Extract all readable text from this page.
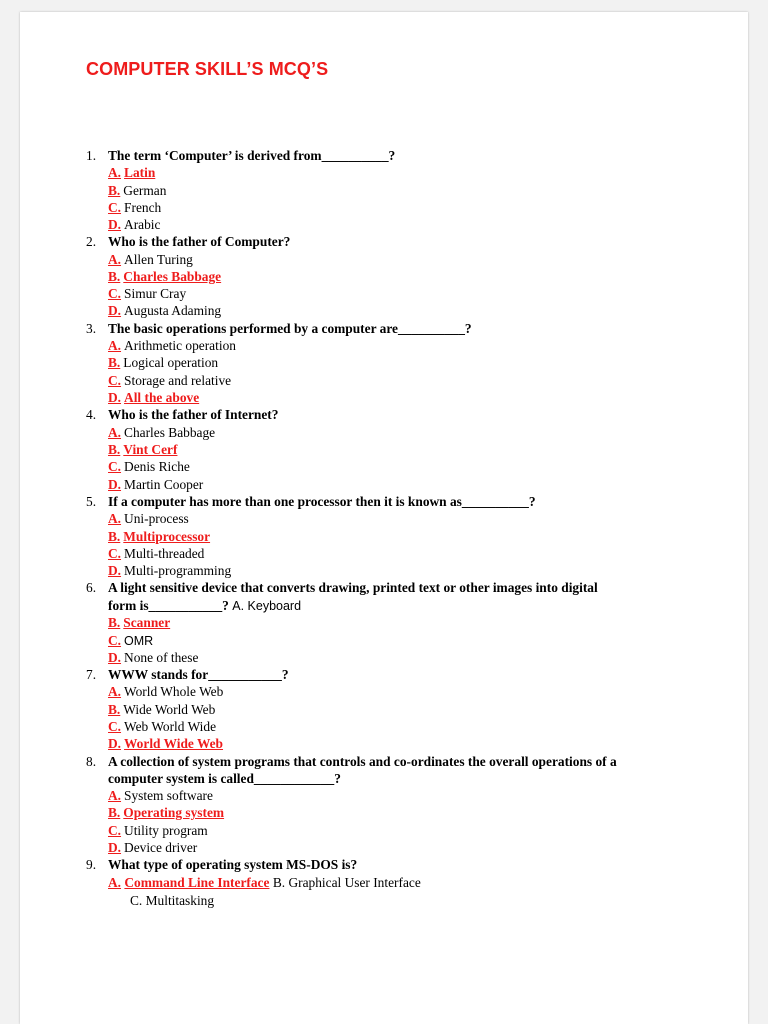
COMPUTER SKILL’S MCQ’S
1. The term ‘Computer’ is derived from__________?
A. Latin
B. German
C. French
D. Arabic
2. Who is the father of Computer?
A. Allen Turing
B. Charles Babbage
C. Simur Cray
D. Augusta Adaming
3. The basic operations performed by a computer are__________?
A. Arithmetic operation
B. Logical operation
C. Storage and relative
D. All the above
4. Who is the father of Internet?
A. Charles Babbage
B. Vint Cerf
C. Denis Riche
D. Martin Cooper
5. If a computer has more than one processor then it is known as__________?
A. Uni-process
B. Multiprocessor
C. Multi-threaded
D. Multi-programming
6. A light sensitive device that converts drawing, printed text or other images into digital
form is___________? A. Keyboard
B. Scanner
C. OMR
D. None of these
7. WWW stands for___________?
A. World Whole Web
B. Wide World Web
C. Web World Wide
D. World Wide Web
8. A collection of system programs that controls and co-ordinates the overall operations of a
computer system is called____________?
A. System software
B. Operating system
C. Utility program
D. Device driver
9. What type of operating system MS-DOS is?
A. Command Line Interface B. Graphical User Interface
C. Multitasking
